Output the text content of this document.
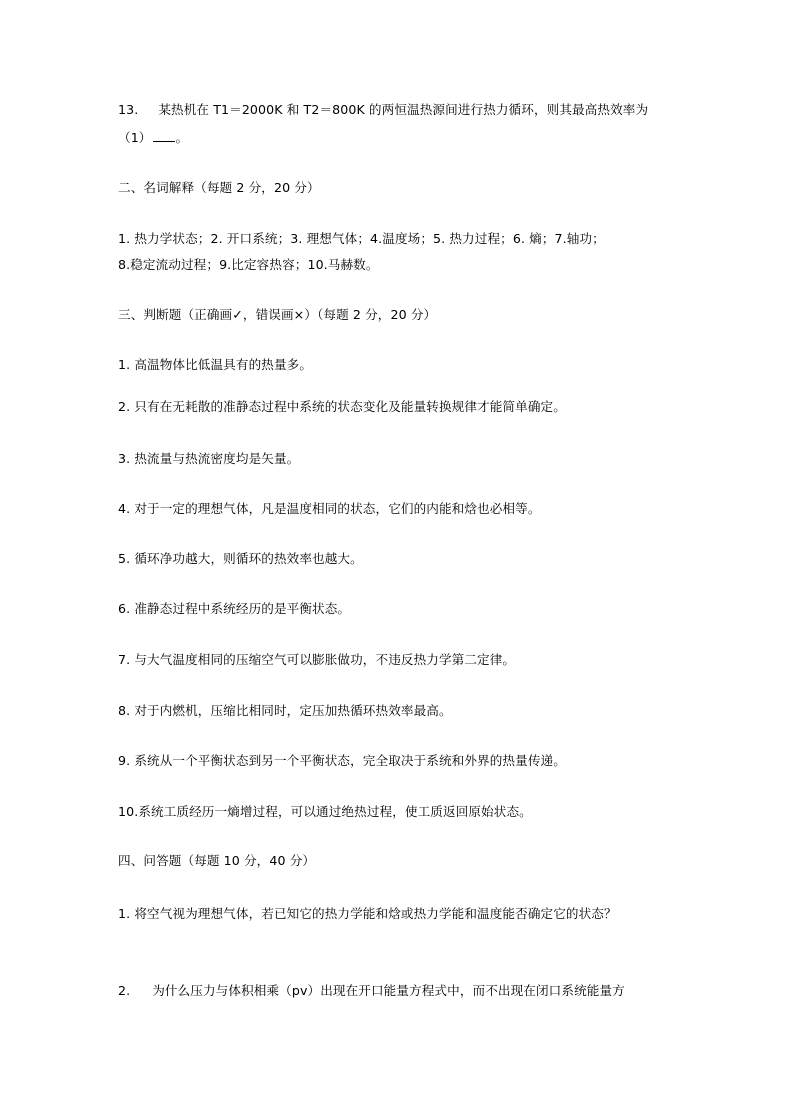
13. 某热机在 T1＝2000K 和 T2＝800K 的两恒温热源间进行热力循环，则其最高热效率为
（1） 。
二、名词解释（每题 2 分，20 分）
1. 热力学状态；2. 开口系统；3. 理想气体；4.温度场；5. 热力过程；6. 熵；7.轴功；
8.稳定流动过程；9.比定容热容；10.马赫数。
三、判断题（正确画✓，错误画×）（每题 2 分，20 分）
1. 高温物体比低温具有的热量多。
2. 只有在无耗散的准静态过程中系统的状态变化及能量转换规律才能简单确定。
3. 热流量与热流密度均是矢量。
4. 对于一定的理想气体，凡是温度相同的状态，它们的内能和焓也必相等。
5. 循环净功越大，则循环的热效率也越大。
6. 准静态过程中系统经历的是平衡状态。
7. 与大气温度相同的压缩空气可以膨胀做功，不违反热力学第二定律。
8. 对于内燃机，压缩比相同时，定压加热循环热效率最高。
9. 系统从一个平衡状态到另一个平衡状态，完全取决于系统和外界的热量传递。
10.系统工质经历一熵增过程，可以通过绝热过程，使工质返回原始状态。
四、问答题（每题 10 分，40 分）
1. 将空气视为理想气体，若已知它的热力学能和焓或热力学能和温度能否确定它的状态？
2. 为什么压力与体积相乘（pv）出现在开口能量方程式中，而不出现在闭口系统能量方
